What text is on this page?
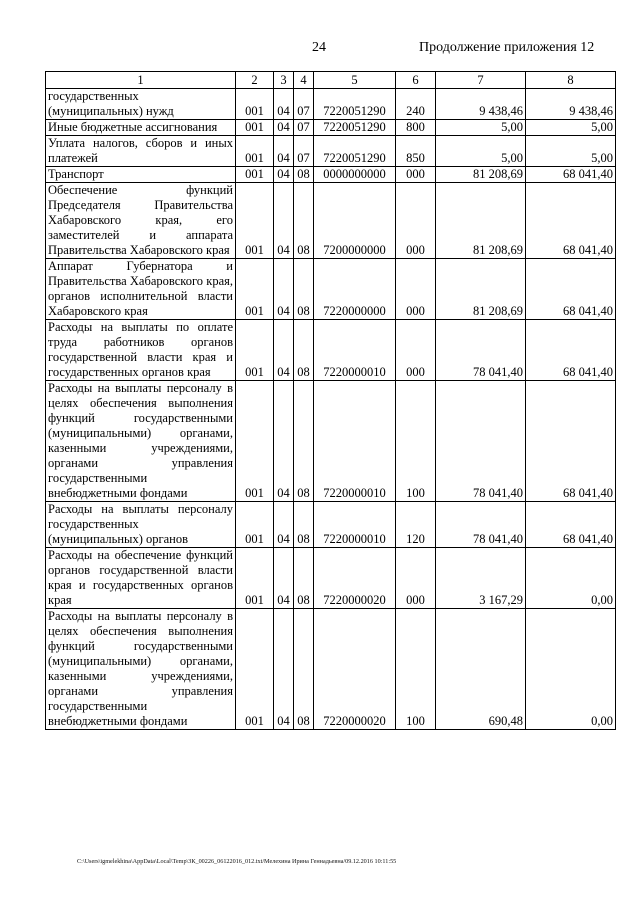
24	Продолжение приложения 12
1	2	3	4	5	6	7	8
государственных (муниципальных) нужд	001	04	07	7220051290	240	9 438,46	9 438,46
Иные бюджетные ассигнования	001	04	07	7220051290	800	5,00	5,00
Уплата налогов, сборов и иных платежей	001	04	07	7220051290	850	5,00	5,00
Транспорт	001	04	08	0000000000	000	81 208,69	68 041,40
Обеспечение функций Председателя Правительства Хабаровского края, его заместителей и аппарата Правительства Хабаровского края	001	04	08	7200000000	000	81 208,69	68 041,40
Аппарат Губернатора и Правительства Хабаровского края, органов исполнительной власти Хабаровского края	001	04	08	7220000000	000	81 208,69	68 041,40
Расходы на выплаты по оплате труда работников органов государственной власти края и государственных органов края	001	04	08	7220000010	000	78 041,40	68 041,40
Расходы на выплаты персоналу в целях обеспечения выполнения функций государственными (муниципальными) органами, казенными учреждениями, органами управления государственными внебюджетными фондами	001	04	08	7220000010	100	78 041,40	68 041,40
Расходы на выплаты персоналу государственных (муниципальных) органов	001	04	08	7220000010	120	78 041,40	68 041,40
Расходы на обеспечение функций органов государственной власти края и государственных органов края	001	04	08	7220000020	000	3 167,29	0,00
Расходы на выплаты персоналу в целях обеспечения выполнения функций государственными (муниципальными) органами, казенными учреждениями, органами управления государственными внебюджетными фондами	001	04	08	7220000020	100	690,48	0,00
C:\Users\igmelekhina\AppData\Local\Temp\ЗК_00226_06122016_012.txt/Мелехина Ирина Геннадьевна/09.12.2016 10:11:55
